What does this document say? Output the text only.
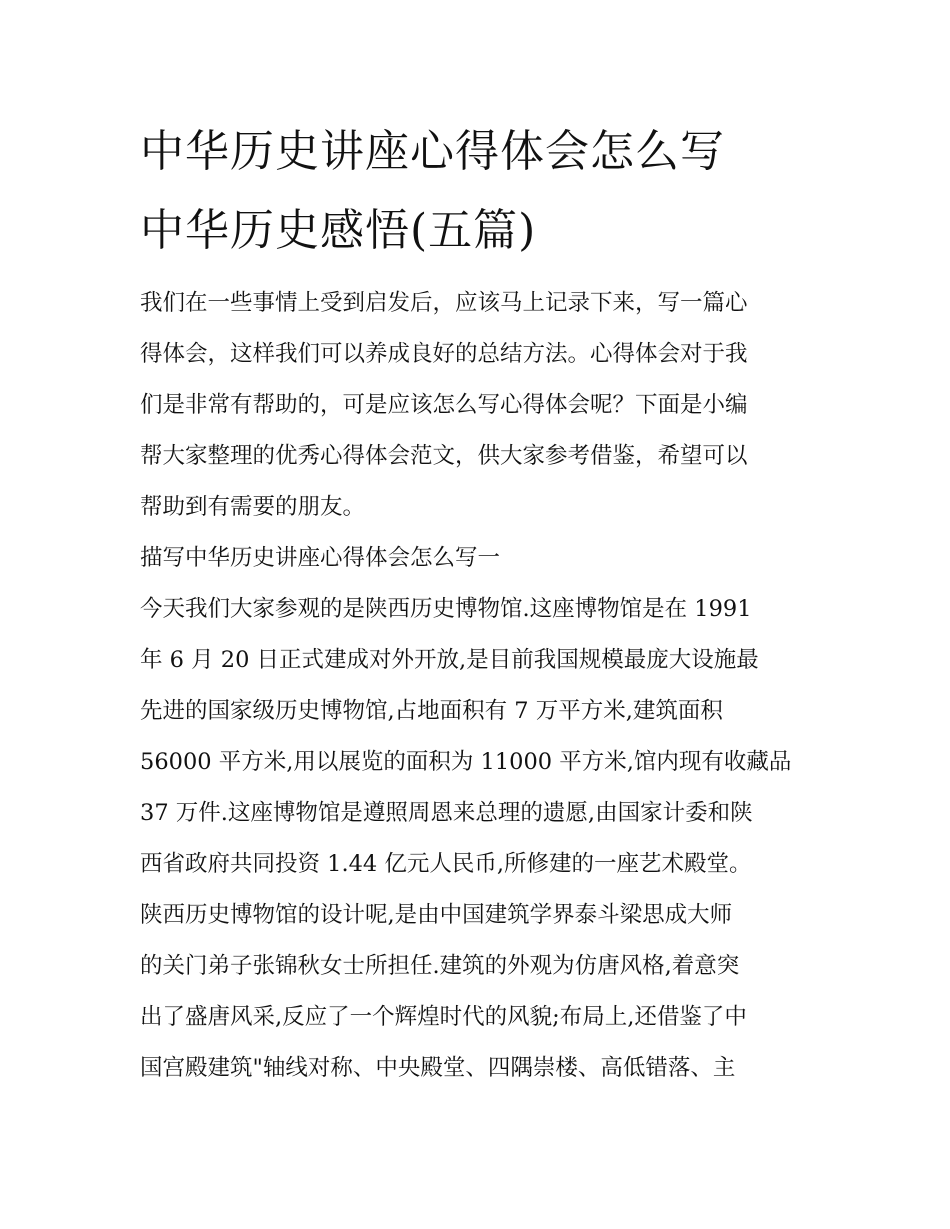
中华历史讲座心得体会怎么写
中华历史感悟(五篇)
我们在一些事情上受到启发后，应该马上记录下来，写一篇心
得体会，这样我们可以养成良好的总结方法。心得体会对于我
们是非常有帮助的，可是应该怎么写心得体会呢？下面是小编
帮大家整理的优秀心得体会范文，供大家参考借鉴，希望可以
帮助到有需要的朋友。
描写中华历史讲座心得体会怎么写一
今天我们大家参观的是陕西历史博物馆.这座博物馆是在 1991
年 6 月 20 日正式建成对外开放,是目前我国规模最庞大设施最
先进的国家级历史博物馆,占地面积有 7 万平方米,建筑面积
56000 平方米,用以展览的面积为 11000 平方米,馆内现有收藏品
37 万件.这座博物馆是遵照周恩来总理的遗愿,由国家计委和陕
西省政府共同投资 1.44 亿元人民币,所修建的一座艺术殿堂。
陕西历史博物馆的设计呢,是由中国建筑学界泰斗梁思成大师
的关门弟子张锦秋女士所担任.建筑的外观为仿唐风格,着意突
出了盛唐风采,反应了一个辉煌时代的风貌;布局上,还借鉴了中
国宫殿建筑"轴线对称、中央殿堂、四隅崇楼、高低错落、主
